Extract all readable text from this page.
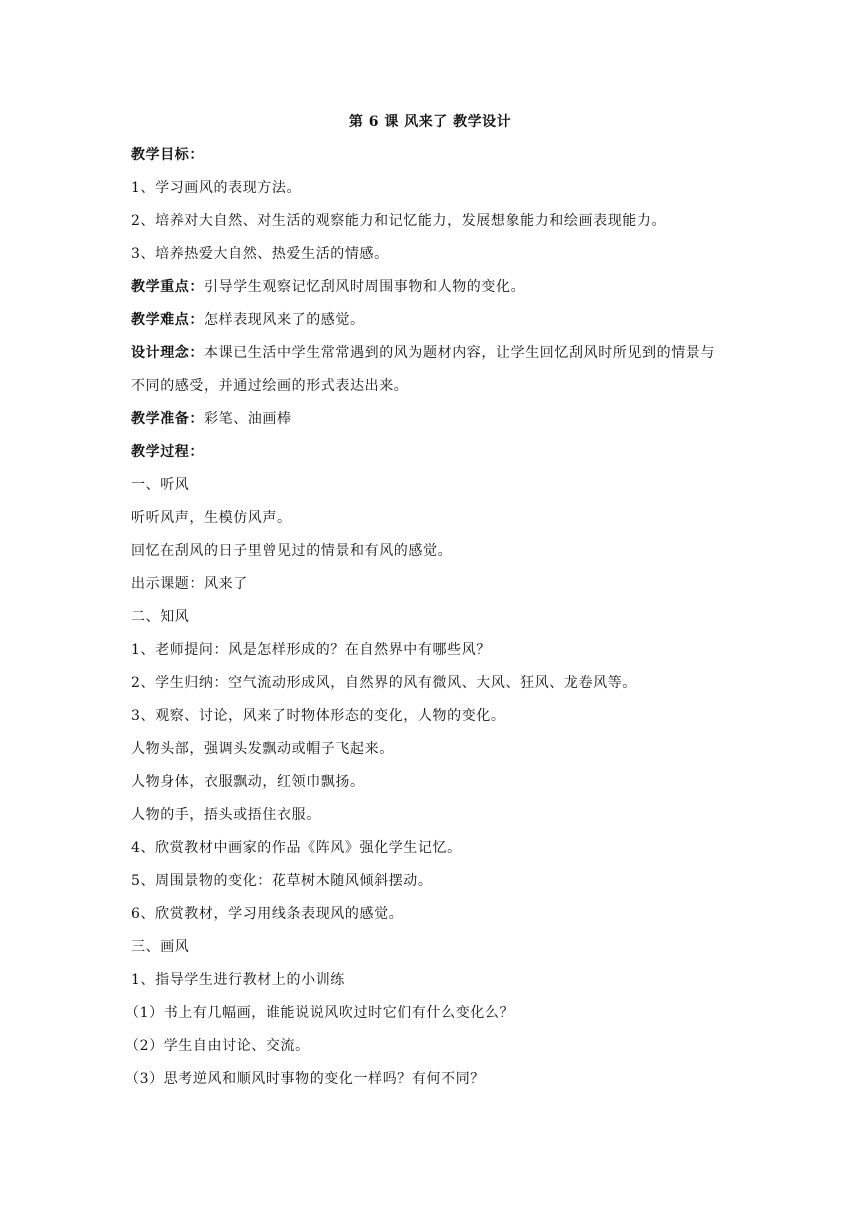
第 6 课 风来了 教学设计
教学目标：
1、学习画风的表现方法。
2、培养对大自然、对生活的观察能力和记忆能力，发展想象能力和绘画表现能力。
3、培养热爱大自然、热爱生活的情感。
教学重点：引导学生观察记忆刮风时周围事物和人物的变化。
教学难点：怎样表现风来了的感觉。
设计理念：本课已生活中学生常常遇到的风为题材内容，让学生回忆刮风时所见到的情景与
不同的感受，并通过绘画的形式表达出来。
教学准备：彩笔、油画棒
教学过程：
一、听风
听听风声，生模仿风声。
回忆在刮风的日子里曾见过的情景和有风的感觉。
出示课题：风来了
二、知风
1、老师提问：风是怎样形成的？在自然界中有哪些风？
2、学生归纳：空气流动形成风，自然界的风有微风、大风、狂风、龙卷风等。
3、观察、讨论，风来了时物体形态的变化，人物的变化。
人物头部，强调头发飘动或帽子飞起来。
人物身体，衣服飘动，红领巾飘扬。
人物的手，捂头或捂住衣服。
4、欣赏教材中画家的作品《阵风》强化学生记忆。
5、周围景物的变化：花草树木随风倾斜摆动。
6、欣赏教材，学习用线条表现风的感觉。
三、画风
1、指导学生进行教材上的小训练
（1）书上有几幅画，谁能说说风吹过时它们有什么变化么？
（2）学生自由讨论、交流。
（3）思考逆风和顺风时事物的变化一样吗？有何不同？
